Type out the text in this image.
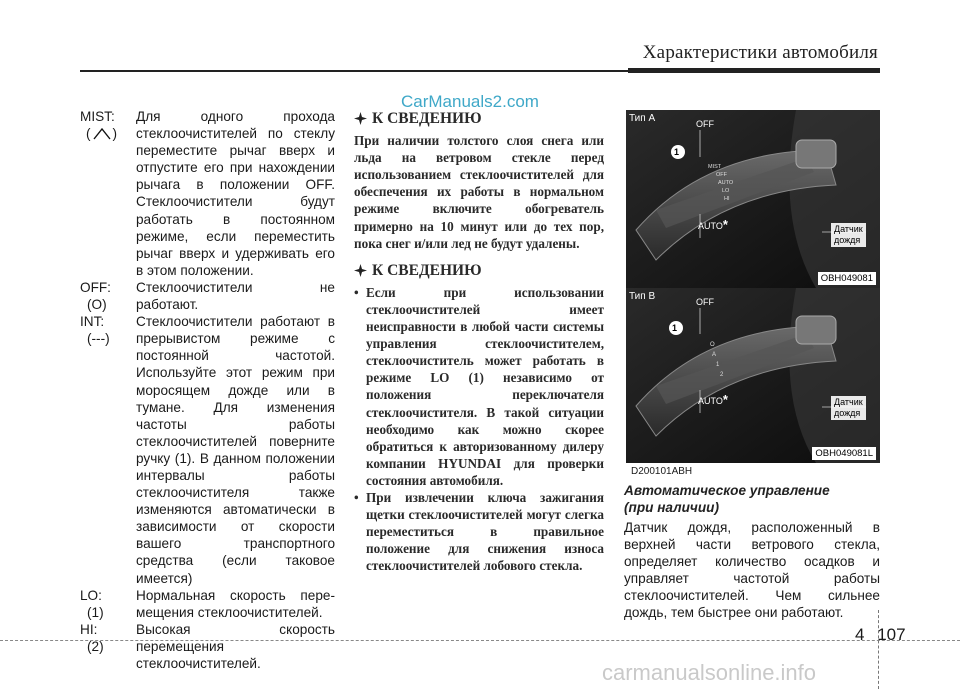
Характеристики автомобиля
CarManuals2.com
MIST:
( )
Для одного прохода стеклоочистителей по стеклу переместите рычаг вверх и отпустите его при нахождении рычага в положении OFF. Стеклоочистители будут работать в постоянном режиме, если переместить рычаг вверх и удерживать его в этом положении.
OFF:
(O)
Стеклоочистители не работают.
INT:
(---)
Стеклоочистители работают в прерывистом режиме с постоянной частотой. Используйте этот режим при моросящем дожде или в тумане. Для изменения частоты работы стеклоочистителей поверните ручку (1). В данном положении интервалы работы стеклоочистителя также изменяются автоматически в зависимости от скорости вашего транспортного средства (если таковое имеется)
LO:
(1)
Нормальная скорость пере-мещения стеклоочистителей.
HI:
(2)
Высокая скорость перемещения стеклоочистителей.
К СВЕДЕНИЮ

При наличии толстого слоя снега или льда на ветровом стекле перед использованием стеклоочистителей для обеспечения их работы в нормальном режиме включите обогреватель примерно на 10 минут или до тех пор, пока снег и/или лед не будут удалены.

К СВЕДЕНИЮ
• Если при использовании стеклоочистителей имеет неисправности в любой части системы управления стеклоочистителем, стеклоочиститель может работать в режиме LO (1) независимо от положения переключателя стеклоочистителя. В такой ситуации необходимо как можно скорее обратиться к авторизованному дилеру компании HYUNDAI для проверки состояния автомобиля.
• При извлечении ключа зажигания щетки стеклоочистителей могут слегка переместиться в правильное положение для снижения износа стеклоочистителей лобового стекла.
MIST
OFF
AUTO
LO
HI
Тип A	OFF
1
AUTO*	Датчик
дождя
OBH049081
O
A
1
2
Тип B	OFF
1
AUTO*	Датчик
дождя
OBH049081L
D200101ABH
Автоматическое управление
(при наличии)
Датчик дождя, расположенный в верхней части ветрового стекла, определяет количество осадков и управляет частотой работы стеклоочистителей. Чем сильнее дождь, тем быстрее они работают.
4 107
carmanualsonline.info
